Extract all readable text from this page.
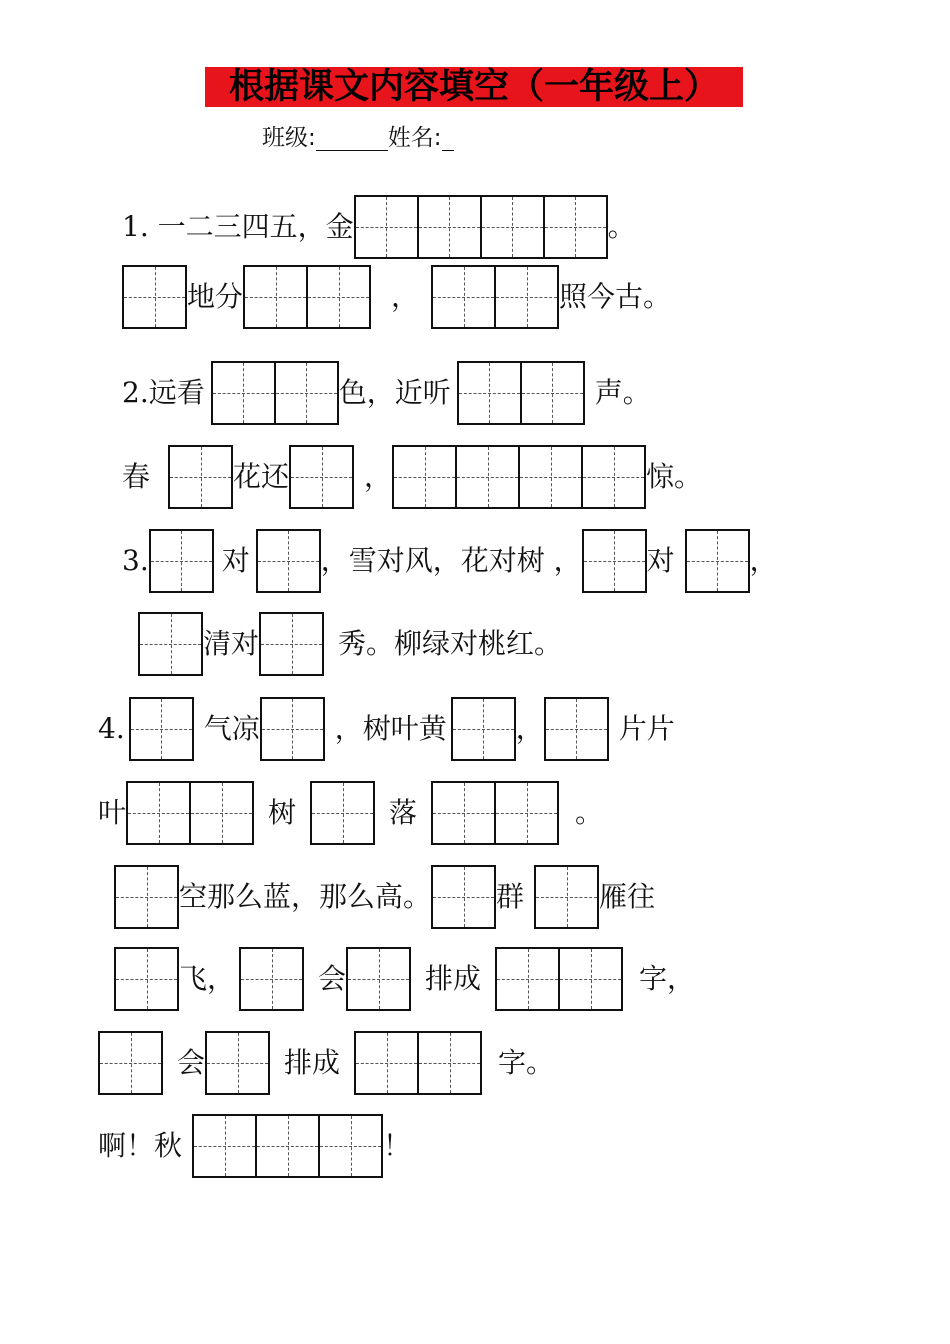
根据课文内容填空（一年级上）
班级:	姓名:
1. 一二三四五，金	。
地分	，	照今古。
2.远看	色，近听	声。
春	花还	，	惊。
3.	对	，雪对风，花对树 ， 对	，
清对	秀。柳绿对桃红。
4.	气凉	，树叶黄 ，	片片
叶	树	落	。
空那么蓝，那么高。 群	雁往
飞，	会	排成	字，
会	排成	字。
啊！秋	！
